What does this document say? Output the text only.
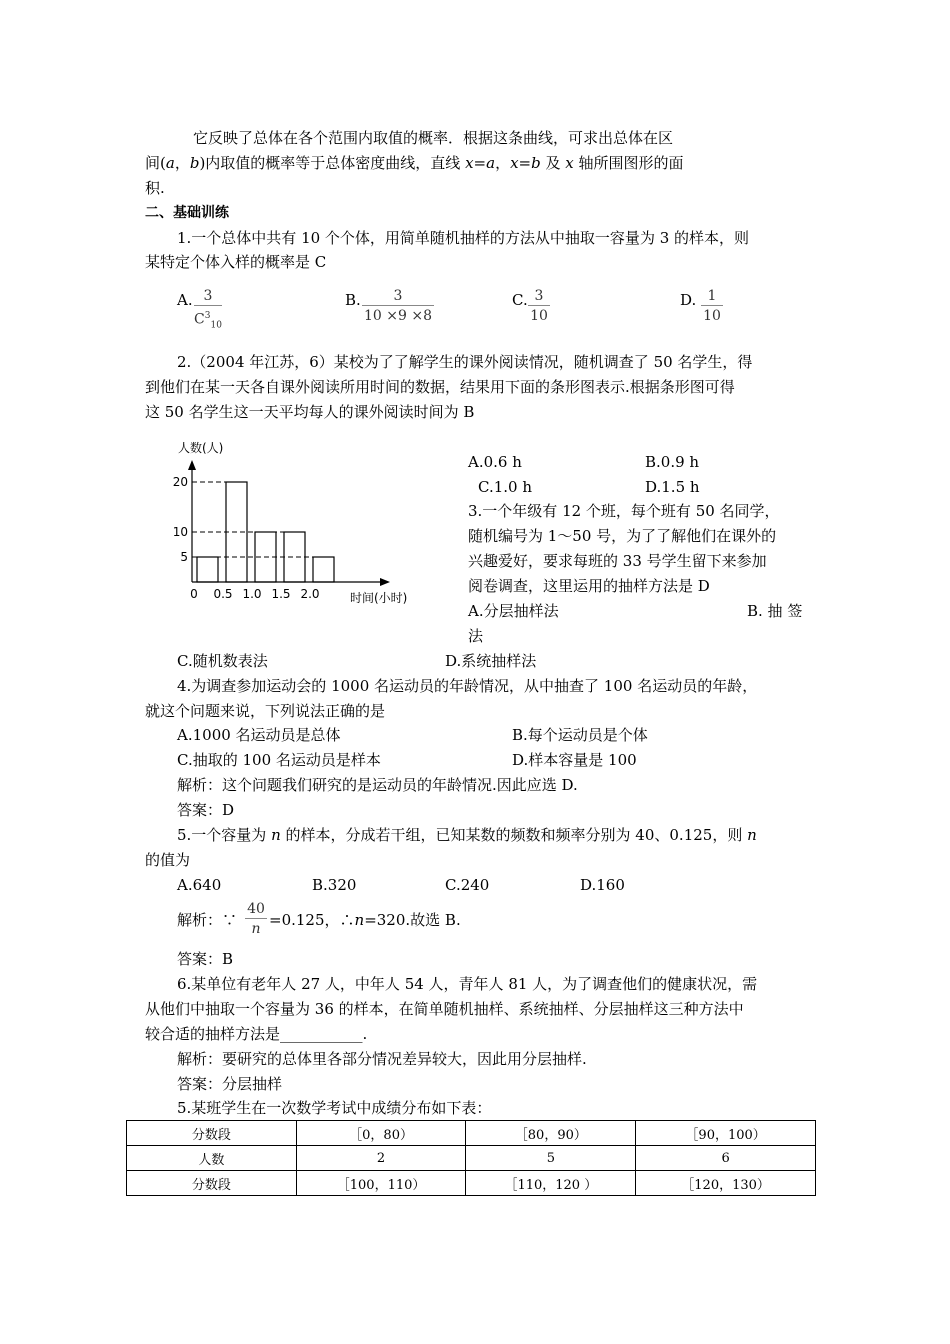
它反映了总体在各个范围内取值的概率．根据这条曲线，可求出总体在区
间(a，b)内取值的概率等于总体密度曲线，直线 x=a，x=b 及 x 轴所围图形的面
积.
二、基础训练
1.一个总体中共有 10 个个体，用简单随机抽样的方法从中抽取一容量为 3 的样本，则
某特定个体入样的概率是 C
A. $\frac{3}{C^3_{10}}$	B. $\frac{3}{10 \times 9 \times 8}$	C. $\frac{3}{10}$	D. $\frac{1}{10}$
2.（2004 年江苏，6）某校为了了解学生的课外阅读情况，随机调查了 50 名学生，得
到他们在某一天各自课外阅读所用时间的数据，结果用下面的条形图表示.根据条形图可得
这 50 名学生这一天平均每人的课外阅读时间为 B
人数(人)
5
10
20
0 0.5 1.0 1.5 2.0	时间(小时)
A.0.6 h	B.0.9 h
C.1.0 h	D.1.5 h
3.一个年级有 12 个班，每个班有 50 名同学，
随机编号为 1～50 号，为了了解他们在课外的
兴趣爱好，要求每班的 33 号学生留下来参加
阅卷调查，这里运用的抽样方法是 D
A.分层抽样法	B. 抽 签
法
C.随机数表法	D.系统抽样法
4.为调查参加运动会的 1000 名运动员的年龄情况，从中抽查了 100 名运动员的年龄，
就这个问题来说，下列说法正确的是
A.1000 名运动员是总体	B.每个运动员是个体
C.抽取的 100 名运动员是样本	D.样本容量是 100
解析：这个问题我们研究的是运动员的年龄情况.因此应选 D.
答案：D
5.一个容量为 n 的样本，分成若干组，已知某数的频数和频率分别为 40、0.125，则 n
的值为
A.640	B.320	C.240	D.160
解析：∵ $\frac{40}{n} =0.125$，∴n=320.故选 B.
答案：B
6.某单位有老年人 27 人，中年人 54 人，青年人 81 人，为了调查他们的健康状况，需
从他们中抽取一个容量为 36 的样本，在简单随机抽样、系统抽样、分层抽样这三种方法中
较合适的抽样方法是___________.
解析：要研究的总体里各部分情况差异较大，因此用分层抽样.
答案：分层抽样
5.某班学生在一次数学考试中成绩分布如下表：
分数段	［0，80）	［80，90）	［90，100）
人数	2	5	6
分数段	［100，110）	［110，120 ）	［120，130）
